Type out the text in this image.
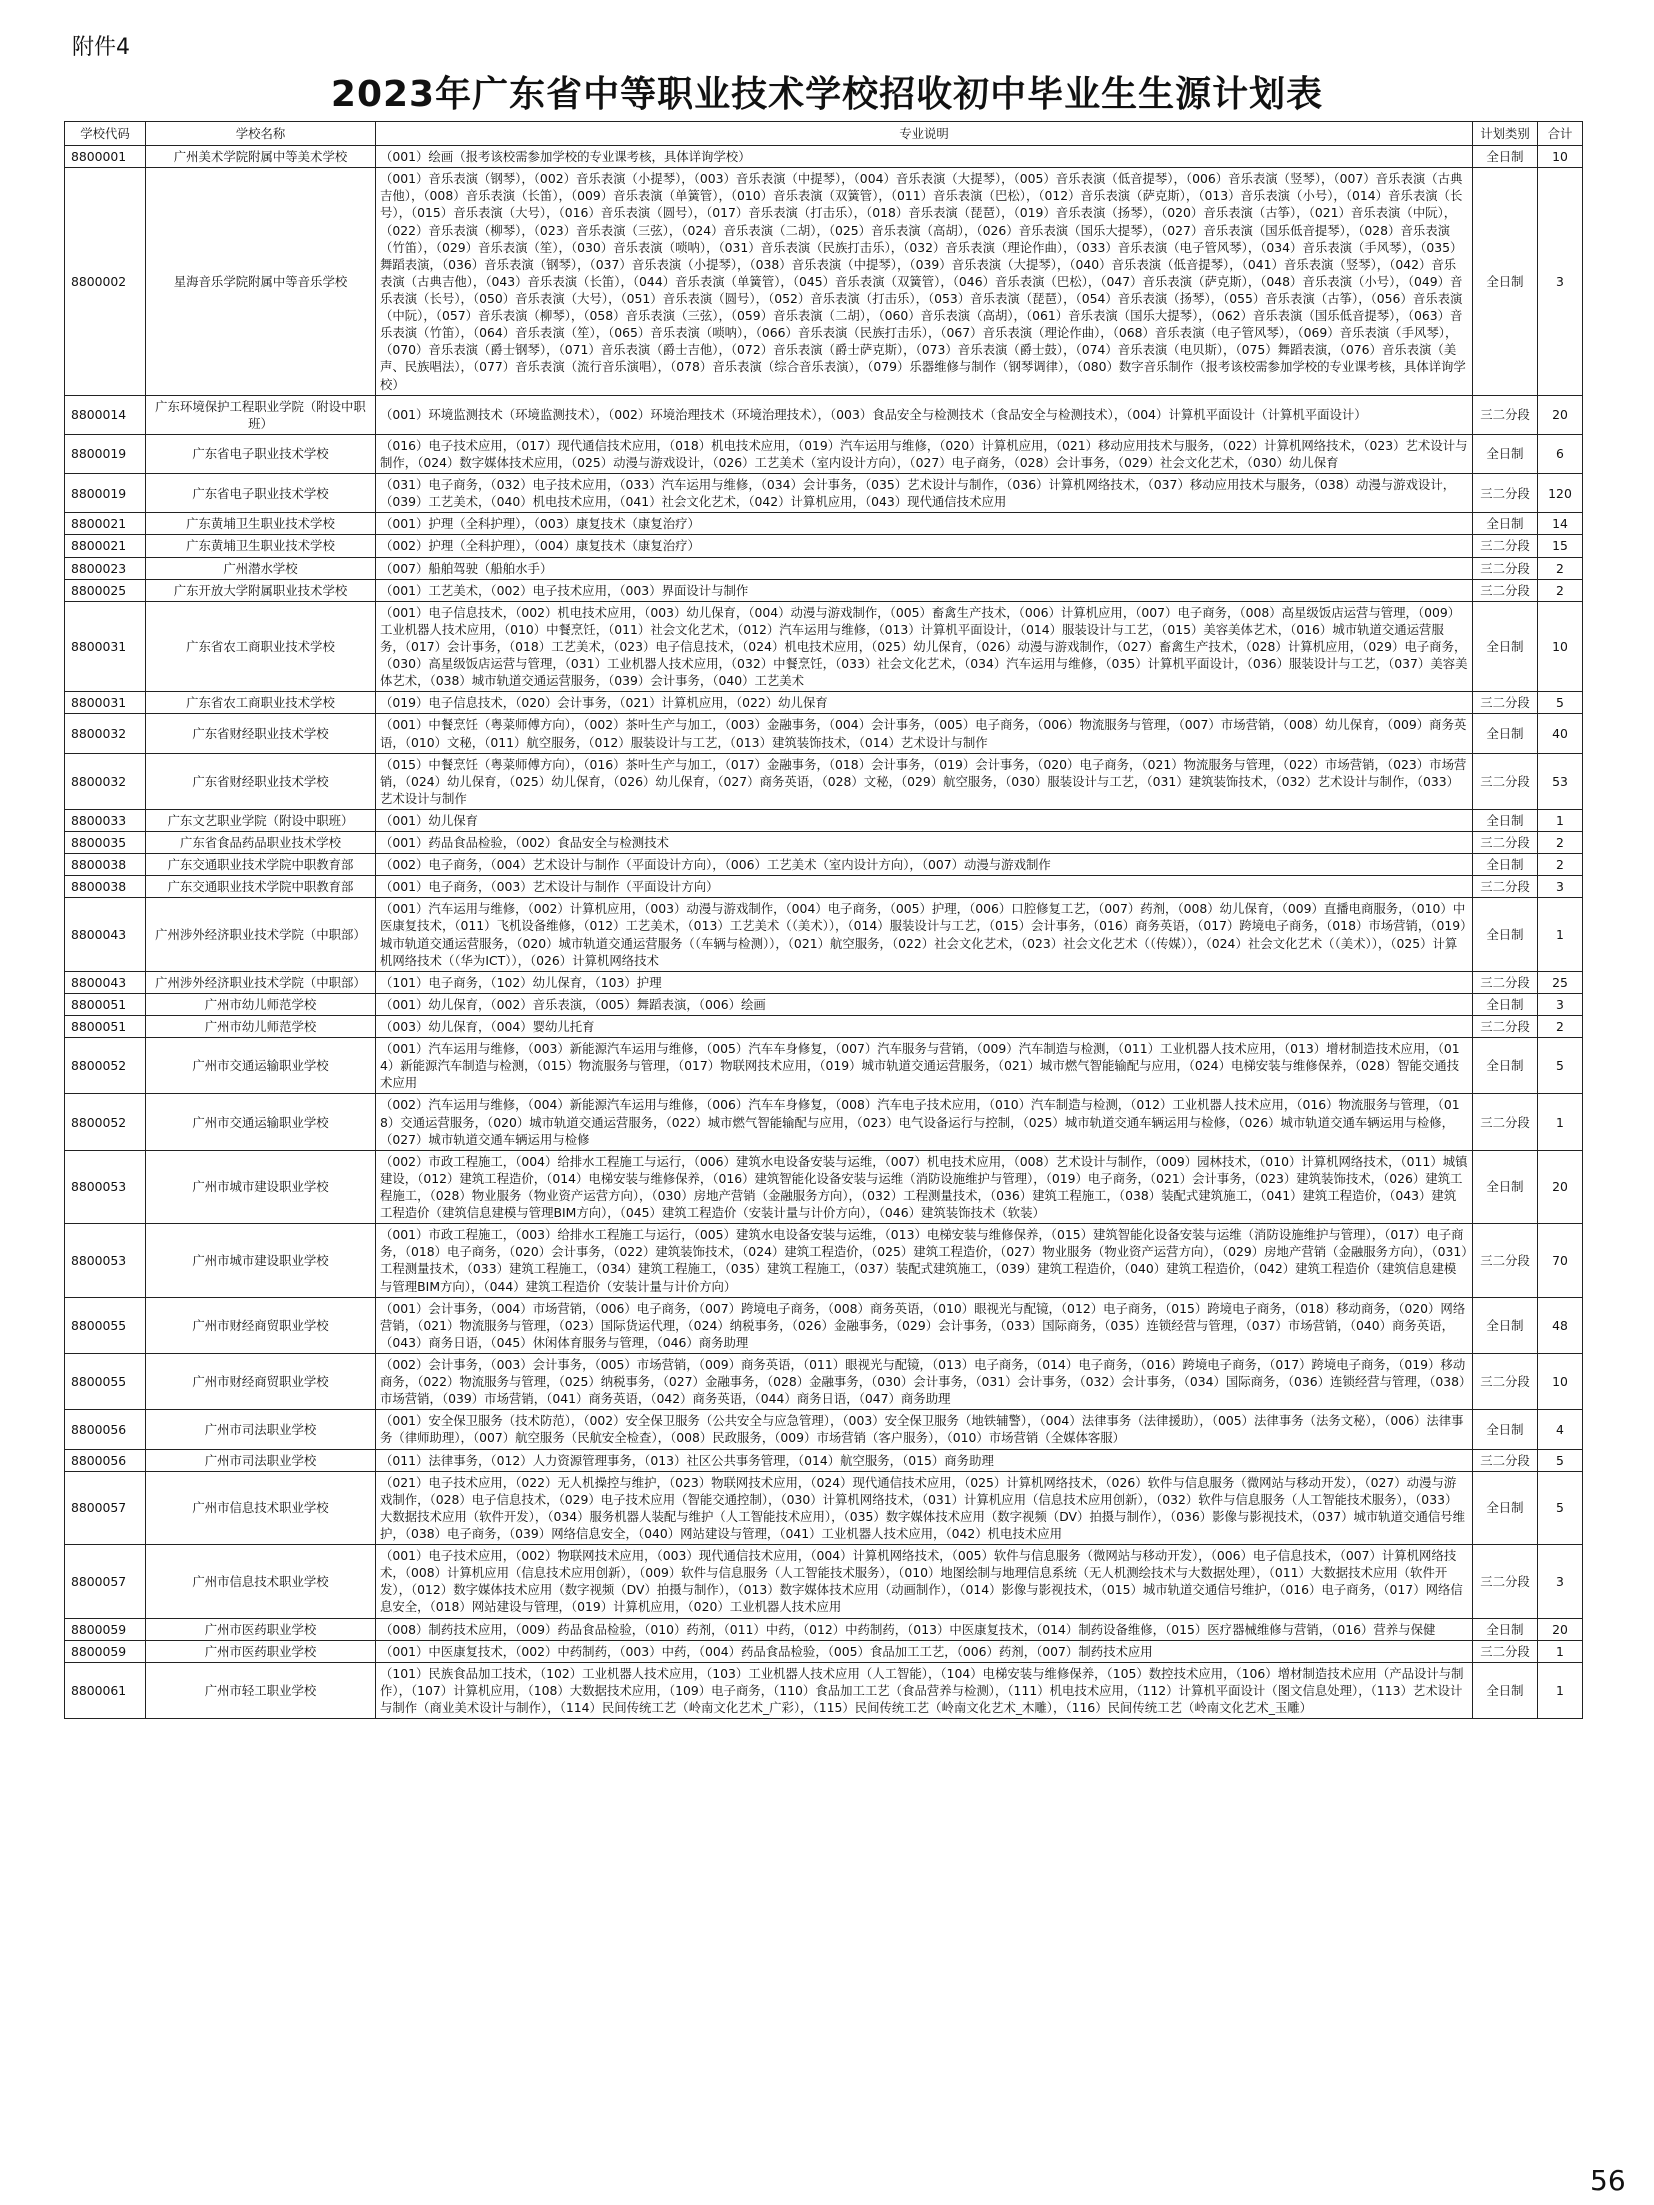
附件4
2023年广东省中等职业技术学校招收初中毕业生生源计划表
学校代码	学校名称	专业说明	计划类别	合计
8800001	广州美术学院附属中等美术学校	（001）绘画（报考该校需参加学校的专业课考核，具体详询学校）	全日制	10
8800002	星海音乐学院附属中等音乐学校	（001）音乐表演（钢琴），（002）音乐表演（小提琴），（003）音乐表演（中提琴），（004）音乐表演（大提琴），（005）音乐表演（低音提琴），（006）音乐表演（竖琴），（007）音乐表演（古典吉他），（008）音乐表演（长笛），（009）音乐表演（单簧管），（010）音乐表演（双簧管），（011）音乐表演（巴松），（012）音乐表演（萨克斯），（013）音乐表演（小号），（014）音乐表演（长号），（015）音乐表演（大号），（016）音乐表演（圆号），（017）音乐表演（打击乐），（018）音乐表演（琵琶），（019）音乐表演（扬琴），（020）音乐表演（古筝），（021）音乐表演（中阮），（022）音乐表演（柳琴），（023）音乐表演（三弦），（024）音乐表演（二胡），（025）音乐表演（高胡），（026）音乐表演（国乐大提琴），（027）音乐表演（国乐低音提琴），（028）音乐表演（竹笛），（029）音乐表演（笙），（030）音乐表演（唢呐），（031）音乐表演（民族打击乐），（032）音乐表演（理论作曲），（033）音乐表演（电子管风琴），（034）音乐表演（手风琴），（035）舞蹈表演，（036）音乐表演（钢琴），（037）音乐表演（小提琴），（038）音乐表演（中提琴），（039）音乐表演（大提琴），（040）音乐表演（低音提琴），（041）音乐表演（竖琴），（042）音乐表演（古典吉他），（043）音乐表演（长笛），（044）音乐表演（单簧管），（045）音乐表演（双簧管），（046）音乐表演（巴松），（047）音乐表演（萨克斯），（048）音乐表演（小号），（049）音乐表演（长号），（050）音乐表演（大号），（051）音乐表演（圆号），（052）音乐表演（打击乐），（053）音乐表演（琵琶），（054）音乐表演（扬琴），（055）音乐表演（古筝），（056）音乐表演（中阮），（057）音乐表演（柳琴），（058）音乐表演（三弦），（059）音乐表演（二胡），（060）音乐表演（高胡），（061）音乐表演（国乐大提琴），（062）音乐表演（国乐低音提琴），（063）音乐表演（竹笛），（064）音乐表演（笙），（065）音乐表演（唢呐），（066）音乐表演（民族打击乐），（067）音乐表演（理论作曲），（068）音乐表演（电子管风琴），（069）音乐表演（手风琴），（070）音乐表演（爵士钢琴），（071）音乐表演（爵士吉他），（072）音乐表演（爵士萨克斯），（073）音乐表演（爵士鼓），（074）音乐表演（电贝斯），（075）舞蹈表演，（076）音乐表演（美声、民族唱法），（077）音乐表演（流行音乐演唱），（078）音乐表演（综合音乐表演），（079）乐器维修与制作（钢琴调律），（080）数字音乐制作（报考该校需参加学校的专业课考核，具体详询学校）	全日制	3
8800014	广东环境保护工程职业学院（附设中职班）	（001）环境监测技术（环境监测技术），（002）环境治理技术（环境治理技术），（003）食品安全与检测技术（食品安全与检测技术），（004）计算机平面设计（计算机平面设计）	三二分段	20
8800019	广东省电子职业技术学校	（016）电子技术应用，（017）现代通信技术应用，（018）机电技术应用，（019）汽车运用与维修，（020）计算机应用，（021）移动应用技术与服务，（022）计算机网络技术，（023）艺术设计与制作，（024）数字媒体技术应用，（025）动漫与游戏设计，（026）工艺美术（室内设计方向），（027）电子商务，（028）会计事务，（029）社会文化艺术，（030）幼儿保育	全日制	6
8800019	广东省电子职业技术学校	（031）电子商务，（032）电子技术应用，（033）汽车运用与维修，（034）会计事务，（035）艺术设计与制作，（036）计算机网络技术，（037）移动应用技术与服务，（038）动漫与游戏设计，（039）工艺美术，（040）机电技术应用，（041）社会文化艺术，（042）计算机应用，（043）现代通信技术应用	三二分段	120
8800021	广东黄埔卫生职业技术学校	（001）护理（全科护理），（003）康复技术（康复治疗）	全日制	14
8800021	广东黄埔卫生职业技术学校	（002）护理（全科护理），（004）康复技术（康复治疗）	三二分段	15
8800023	广州潜水学校	（007）船舶驾驶（船舶水手）	三二分段	2
8800025	广东开放大学附属职业技术学校	（001）工艺美术，（002）电子技术应用，（003）界面设计与制作	三二分段	2
8800031	广东省农工商职业技术学校	（001）电子信息技术，（002）机电技术应用，（003）幼儿保育，（004）动漫与游戏制作，（005）畜禽生产技术，（006）计算机应用，（007）电子商务，（008）高星级饭店运营与管理，（009）工业机器人技术应用，（010）中餐烹饪，（011）社会文化艺术，（012）汽车运用与维修，（013）计算机平面设计，（014）服装设计与工艺，（015）美容美体艺术，（016）城市轨道交通运营服务，（017）会计事务，（018）工艺美术，（023）电子信息技术，（024）机电技术应用，（025）幼儿保育，（026）动漫与游戏制作，（027）畜禽生产技术，（028）计算机应用，（029）电子商务，（030）高星级饭店运营与管理，（031）工业机器人技术应用，（032）中餐烹饪，（033）社会文化艺术，（034）汽车运用与维修，（035）计算机平面设计，（036）服装设计与工艺，（037）美容美体艺术，（038）城市轨道交通运营服务，（039）会计事务，（040）工艺美术	全日制	10
8800031	广东省农工商职业技术学校	（019）电子信息技术，（020）会计事务，（021）计算机应用，（022）幼儿保育	三二分段	5
8800032	广东省财经职业技术学校	（001）中餐烹饪（粤菜师傅方向），（002）茶叶生产与加工，（003）金融事务，（004）会计事务，（005）电子商务，（006）物流服务与管理，（007）市场营销，（008）幼儿保育，（009）商务英语，（010）文秘，（011）航空服务，（012）服装设计与工艺，（013）建筑装饰技术，（014）艺术设计与制作	全日制	40
8800032	广东省财经职业技术学校	（015）中餐烹饪（粤菜师傅方向），（016）茶叶生产与加工，（017）金融事务，（018）会计事务，（019）会计事务，（020）电子商务，（021）物流服务与管理，（022）市场营销，（023）市场营销，（024）幼儿保育，（025）幼儿保育，（026）幼儿保育，（027）商务英语，（028）文秘，（029）航空服务，（030）服装设计与工艺，（031）建筑装饰技术，（032）艺术设计与制作，（033）艺术设计与制作	三二分段	53
8800033	广东文艺职业学院（附设中职班）	（001）幼儿保育	全日制	1
8800035	广东省食品药品职业技术学校	（001）药品食品检验，（002）食品安全与检测技术	三二分段	2
8800038	广东交通职业技术学院中职教育部	（002）电子商务，（004）艺术设计与制作（平面设计方向），（006）工艺美术（室内设计方向），（007）动漫与游戏制作	全日制	2
8800038	广东交通职业技术学院中职教育部	（001）电子商务，（003）艺术设计与制作（平面设计方向）	三二分段	3
8800043	广州涉外经济职业技术学院（中职部）	（001）汽车运用与维修，（002）计算机应用，（003）动漫与游戏制作，（004）电子商务，（005）护理，（006）口腔修复工艺，（007）药剂，（008）幼儿保育，（009）直播电商服务，（010）中医康复技术，（011）飞机设备维修，（012）工艺美术，（013）工艺美术（（美术）），（014）服装设计与工艺，（015）会计事务，（016）商务英语，（017）跨境电子商务，（018）市场营销，（019）城市轨道交通运营服务，（020）城市轨道交通运营服务（（车辆与检测）），（021）航空服务，（022）社会文化艺术，（023）社会文化艺术（（传媒）），（024）社会文化艺术（（美术）），（025）计算机网络技术（（华为ICT）），（026）计算机网络技术	全日制	1
8800043	广州涉外经济职业技术学院（中职部）	（101）电子商务，（102）幼儿保育，（103）护理	三二分段	25
8800051	广州市幼儿师范学校	（001）幼儿保育，（002）音乐表演，（005）舞蹈表演，（006）绘画	全日制	3
8800051	广州市幼儿师范学校	（003）幼儿保育，（004）婴幼儿托育	三二分段	2
8800052	广州市交通运输职业学校	（001）汽车运用与维修，（003）新能源汽车运用与维修，（005）汽车车身修复，（007）汽车服务与营销，（009）汽车制造与检测，（011）工业机器人技术应用，（013）增材制造技术应用，（014）新能源汽车制造与检测，（015）物流服务与管理，（017）物联网技术应用，（019）城市轨道交通运营服务，（021）城市燃气智能输配与应用，（024）电梯安装与维修保养，（028）智能交通技术应用	全日制	5
8800052	广州市交通运输职业学校	（002）汽车运用与维修，（004）新能源汽车运用与维修，（006）汽车车身修复，（008）汽车电子技术应用，（010）汽车制造与检测，（012）工业机器人技术应用，（016）物流服务与管理，（018）交通运营服务，（020）城市轨道交通运营服务，（022）城市燃气智能输配与应用，（023）电气设备运行与控制，（025）城市轨道交通车辆运用与检修，（026）城市轨道交通车辆运用与检修，（027）城市轨道交通车辆运用与检修	三二分段	1
8800053	广州市城市建设职业学校	（002）市政工程施工，（004）给排水工程施工与运行，（006）建筑水电设备安装与运维，（007）机电技术应用，（008）艺术设计与制作，（009）园林技术，（010）计算机网络技术，（011）城镇建设，（012）建筑工程造价，（014）电梯安装与维修保养，（016）建筑智能化设备安装与运维（消防设施维护与管理），（019）电子商务，（021）会计事务，（023）建筑装饰技术，（026）建筑工程施工，（028）物业服务（物业资产运营方向），（030）房地产营销（金融服务方向），（032）工程测量技术，（036）建筑工程施工，（038）装配式建筑施工，（041）建筑工程造价，（043）建筑工程造价（建筑信息建模与管理BIM方向），（045）建筑工程造价（安装计量与计价方向），（046）建筑装饰技术（软装）	全日制	20
8800053	广州市城市建设职业学校	（001）市政工程施工，（003）给排水工程施工与运行，（005）建筑水电设备安装与运维，（013）电梯安装与维修保养，（015）建筑智能化设备安装与运维（消防设施维护与管理），（017）电子商务，（018）电子商务，（020）会计事务，（022）建筑装饰技术，（024）建筑工程造价，（025）建筑工程造价，（027）物业服务（物业资产运营方向），（029）房地产营销（金融服务方向），（031）工程测量技术，（033）建筑工程施工，（034）建筑工程施工，（035）建筑工程施工，（037）装配式建筑施工，（039）建筑工程造价，（040）建筑工程造价，（042）建筑工程造价（建筑信息建模与管理BIM方向），（044）建筑工程造价（安装计量与计价方向）	三二分段	70
8800055	广州市财经商贸职业学校	（001）会计事务，（004）市场营销，（006）电子商务，（007）跨境电子商务，（008）商务英语，（010）眼视光与配镜，（012）电子商务，（015）跨境电子商务，（018）移动商务，（020）网络营销，（021）物流服务与管理，（023）国际货运代理，（024）纳税事务，（026）金融事务，（029）会计事务，（033）国际商务，（035）连锁经营与管理，（037）市场营销，（040）商务英语，（043）商务日语，（045）休闲体育服务与管理，（046）商务助理	全日制	48
8800055	广州市财经商贸职业学校	（002）会计事务，（003）会计事务，（005）市场营销，（009）商务英语，（011）眼视光与配镜，（013）电子商务，（014）电子商务，（016）跨境电子商务，（017）跨境电子商务，（019）移动商务，（022）物流服务与管理，（025）纳税事务，（027）金融事务，（028）金融事务，（030）会计事务，（031）会计事务，（032）会计事务，（034）国际商务，（036）连锁经营与管理，（038）市场营销，（039）市场营销，（041）商务英语，（042）商务英语，（044）商务日语，（047）商务助理	三二分段	10
8800056	广州市司法职业学校	（001）安全保卫服务（技术防范），（002）安全保卫服务（公共安全与应急管理），（003）安全保卫服务（地铁辅警），（004）法律事务（法律援助），（005）法律事务（法务文秘），（006）法律事务（律师助理），（007）航空服务（民航安全检查），（008）民政服务，（009）市场营销（客户服务），（010）市场营销（全媒体客服）	全日制	4
8800056	广州市司法职业学校	（011）法律事务，（012）人力资源管理事务，（013）社区公共事务管理，（014）航空服务，（015）商务助理	三二分段	5
8800057	广州市信息技术职业学校	（021）电子技术应用，（022）无人机操控与维护，（023）物联网技术应用，（024）现代通信技术应用，（025）计算机网络技术，（026）软件与信息服务（微网站与移动开发），（027）动漫与游戏制作，（028）电子信息技术，（029）电子技术应用（智能交通控制），（030）计算机网络技术，（031）计算机应用（信息技术应用创新），（032）软件与信息服务（人工智能技术服务），（033）大数据技术应用（软件开发），（034）服务机器人装配与维护（人工智能技术应用），（035）数字媒体技术应用（数字视频（DV）拍摄与制作），（036）影像与影视技术，（037）城市轨道交通信号维护，（038）电子商务，（039）网络信息安全，（040）网站建设与管理，（041）工业机器人技术应用，（042）机电技术应用	全日制	5
8800057	广州市信息技术职业学校	（001）电子技术应用，（002）物联网技术应用，（003）现代通信技术应用，（004）计算机网络技术，（005）软件与信息服务（微网站与移动开发），（006）电子信息技术，（007）计算机网络技术，（008）计算机应用（信息技术应用创新），（009）软件与信息服务（人工智能技术服务），（010）地图绘制与地理信息系统（无人机测绘技术与大数据处理），（011）大数据技术应用（软件开发），（012）数字媒体技术应用（数字视频（DV）拍摄与制作），（013）数字媒体技术应用（动画制作），（014）影像与影视技术，（015）城市轨道交通信号维护，（016）电子商务，（017）网络信息安全，（018）网站建设与管理，（019）计算机应用，（020）工业机器人技术应用	三二分段	3
8800059	广州市医药职业学校	（008）制药技术应用，（009）药品食品检验，（010）药剂，（011）中药，（012）中药制药，（013）中医康复技术，（014）制药设备维修，（015）医疗器械维修与营销，（016）营养与保健	全日制	20
8800059	广州市医药职业学校	（001）中医康复技术，（002）中药制药，（003）中药，（004）药品食品检验，（005）食品加工工艺，（006）药剂，（007）制药技术应用	三二分段	1
8800061	广州市轻工职业学校	（101）民族食品加工技术，（102）工业机器人技术应用，（103）工业机器人技术应用（人工智能），（104）电梯安装与维修保养，（105）数控技术应用，（106）增材制造技术应用（产品设计与制作），（107）计算机应用，（108）大数据技术应用，（109）电子商务，（110）食品加工工艺（食品营养与检测），（111）机电技术应用，（112）计算机平面设计（图文信息处理），（113）艺术设计与制作（商业美术设计与制作），（114）民间传统工艺（岭南文化艺术_广彩），（115）民间传统工艺（岭南文化艺术_木雕），（116）民间传统工艺（岭南文化艺术_玉雕）	全日制	1
56
